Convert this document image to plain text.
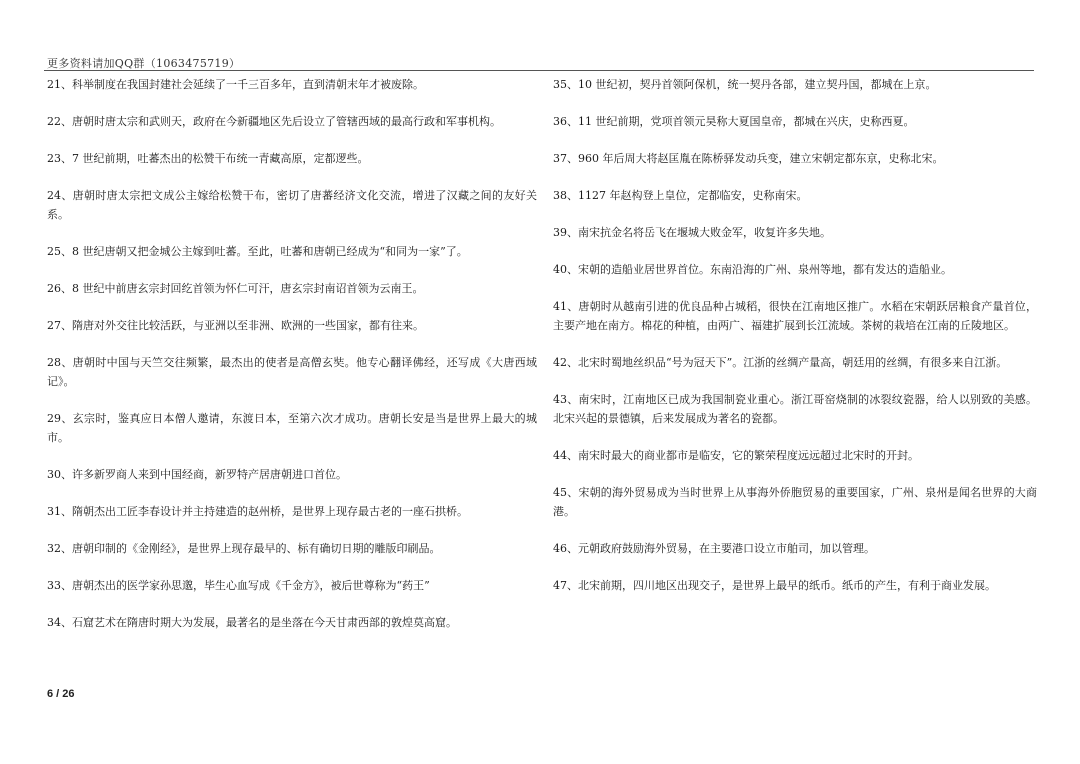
更多资料请加QQ群（1063475719）

21、科举制度在我国封建社会延续了一千三百多年，直到清朝末年才被废除。

22、唐朝时唐太宗和武则天，政府在今新疆地区先后设立了管辖西域的最高行政和军事机构。

23、7 世纪前期，吐蕃杰出的松赞干布统一青藏高原，定都逻些。

24、唐朝时唐太宗把文成公主嫁给松赞干布，密切了唐蕃经济文化交流，增进了汉藏之间的友好关系。

25、8 世纪唐朝又把金城公主嫁到吐蕃。至此，吐蕃和唐朝已经成为“和同为一家”了。

26、8 世纪中前唐玄宗封回纥首领为怀仁可汗，唐玄宗封南诏首领为云南王。

27、隋唐对外交往比较活跃，与亚洲以至非洲、欧洲的一些国家，都有往来。

28、唐朝时中国与天竺交往频繁，最杰出的使者是高僧玄奘。他专心翻译佛经，还写成《大唐西域记》。

29、玄宗时，鉴真应日本僧人邀请，东渡日本，至第六次才成功。唐朝长安是当是世界上最大的城市。

30、许多新罗商人来到中国经商，新罗特产居唐朝进口首位。

31、隋朝杰出工匠李春设计并主持建造的赵州桥，是世界上现存最古老的一座石拱桥。

32、唐朝印制的《金刚经》，是世界上现存最早的、标有确切日期的雕版印刷品。

33、唐朝杰出的医学家孙思邈，毕生心血写成《千金方》，被后世尊称为“药王”

34、石窟艺术在隋唐时期大为发展，最著名的是坐落在今天甘肃西部的敦煌莫高窟。

35、10 世纪初，契丹首领阿保机，统一契丹各部，建立契丹国，都城在上京。

36、11 世纪前期，党项首领元昊称大夏国皇帝，都城在兴庆，史称西夏。

37、960 年后周大将赵匡胤在陈桥驿发动兵变，建立宋朝定都东京，史称北宋。

38、1127 年赵构登上皇位，定都临安，史称南宋。

39、南宋抗金名将岳飞在堰城大败金军，收复许多失地。

40、宋朝的造船业居世界首位。东南沿海的广州、泉州等地，都有发达的造船业。

41、唐朝时从越南引进的优良品种占城稻，很快在江南地区推广。水稻在宋朝跃居粮食产量首位，主要产地在南方。棉花的种植，由两广、福建扩展到长江流域。茶树的栽培在江南的丘陵地区。

42、北宋时蜀地丝织品“号为冠天下”。江浙的丝绸产量高，朝廷用的丝绸，有很多来自江浙。

43、南宋时，江南地区已成为我国制瓷业重心。浙江哥窑烧制的冰裂纹瓷器，给人以别致的美感。北宋兴起的景德镇，后来发展成为著名的瓷都。

44、南宋时最大的商业都市是临安，它的繁荣程度远远超过北宋时的开封。

45、宋朝的海外贸易成为当时世界上从事海外侨胞贸易的重要国家，广州、泉州是闻名世界的大商港。

46、元朝政府鼓励海外贸易，在主要港口设立市舶司，加以管理。

47、北宋前期，四川地区出现交子，是世界上最早的纸币。纸币的产生，有利于商业发展。

6 / 26
